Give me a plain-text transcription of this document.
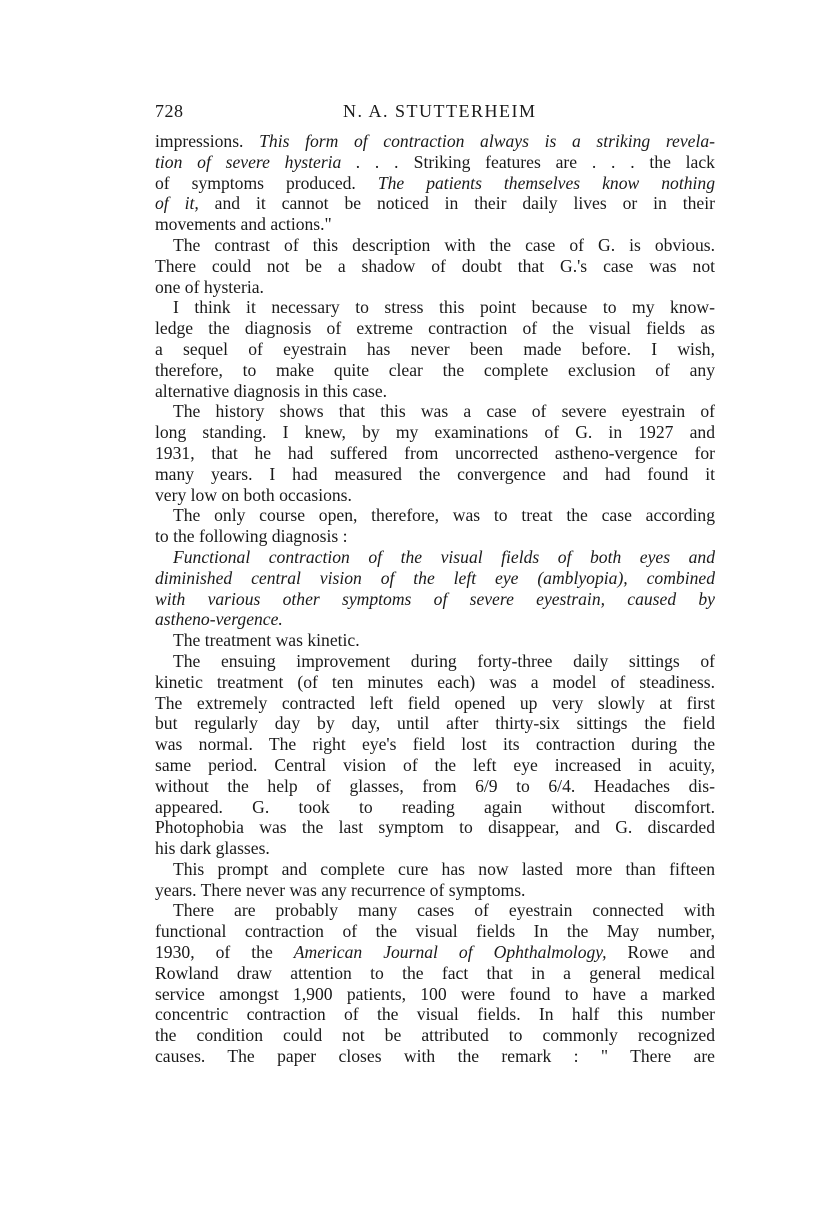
728	N. A. STUTTERHEIM
impressions. This form of contraction always is a striking revela-
tion of severe hysteria . . . Striking features are . . . the lack
of symptoms produced. The patients themselves know nothing
of it, and it cannot be noticed in their daily lives or in their
movements and actions."
The contrast of this description with the case of G. is obvious.
There could not be a shadow of doubt that G.'s case was not
one of hysteria.
I think it necessary to stress this point because to my know-
ledge the diagnosis of extreme contraction of the visual fields as
a sequel of eyestrain has never been made before. I wish,
therefore, to make quite clear the complete exclusion of any
alternative diagnosis in this case.
The history shows that this was a case of severe eyestrain of
long standing. I knew, by my examinations of G. in 1927 and
1931, that he had suffered from uncorrected astheno-vergence for
many years. I had measured the convergence and had found it
very low on both occasions.
The only course open, therefore, was to treat the case according
to the following diagnosis :
Functional contraction of the visual fields of both eyes and
diminished central vision of the left eye (amblyopia), combined
with various other symptoms of severe eyestrain, caused by
astheno-vergence.
The treatment was kinetic.
The ensuing improvement during forty-three daily sittings of
kinetic treatment (of ten minutes each) was a model of steadiness.
The extremely contracted left field opened up very slowly at first
but regularly day by day, until after thirty-six sittings the field
was normal. The right eye's field lost its contraction during the
same period. Central vision of the left eye increased in acuity,
without the help of glasses, from 6/9 to 6/4. Headaches dis-
appeared. G. took to reading again without discomfort.
Photophobia was the last symptom to disappear, and G. discarded
his dark glasses.
This prompt and complete cure has now lasted more than fifteen
years. There never was any recurrence of symptoms.
There are probably many cases of eyestrain connected with
functional contraction of the visual fields In the May number,
1930, of the American Journal of Ophthalmology, Rowe and
Rowland draw attention to the fact that in a general medical
service amongst 1,900 patients, 100 were found to have a marked
concentric contraction of the visual fields. In half this number
the condition could not be attributed to commonly recognized
causes. The paper closes with the remark : " There are
